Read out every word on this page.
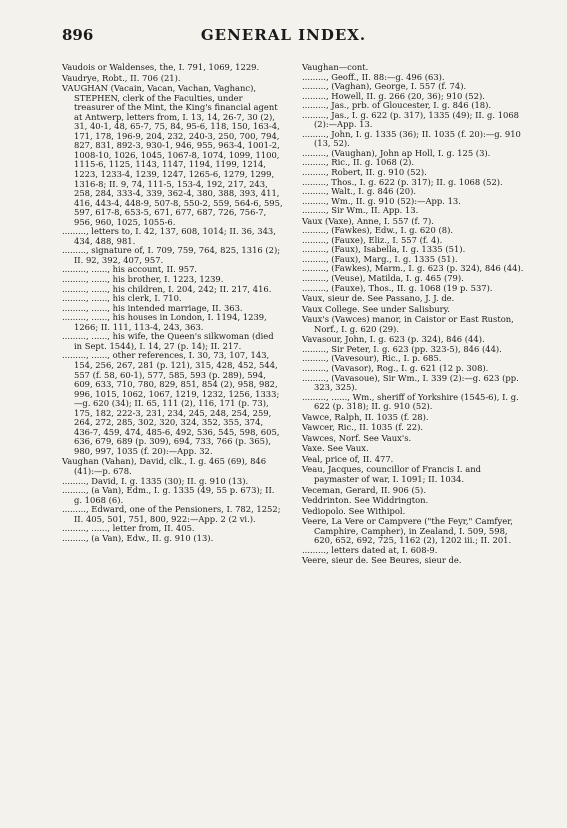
896	GENERAL INDEX.

Vaudois or Waldenses, the, I. 791, 1069, 1229.

Vaudrye, Robt., II. 706 (21).

VAUGHAN (Vacain, Vacan, Vachan, Vaghanc), STEPHEN, clerk of the Faculties, under treasurer of the Mint, the King's financial agent at Antwerp, letters from, I. 13, 14, 26-7, 30 (2), 31, 40-1, 48, 65-7, 75, 84, 95-6, 118, 150, 163-4, 171, 178, 196-9, 204, 232, 240-3, 250, 700, 794, 827, 831, 892-3, 930-1, 946, 955, 963-4, 1001-2, 1008-10, 1026, 1045, 1067-8, 1074, 1099, 1100, 1115-6, 1125, 1143, 1147, 1194, 1199, 1214, 1223, 1233-4, 1239, 1247, 1265-6, 1279, 1299, 1316-8; II. 9, 74, 111-5, 153-4, 192, 217, 243, 258, 284, 333-4, 339, 362-4, 380, 388, 393, 411, 416, 443-4, 448-9, 507-8, 550-2, 559, 564-6, 595, 597, 617-8, 653-5, 671, 677, 687, 726, 756-7, 956, 960, 1025, 1055-6.

........., letters to, I. 42, 137, 608, 1014; II. 36, 343, 434, 488, 981.

........., signature of, I. 709, 759, 764, 825, 1316 (2); II. 92, 392, 407, 957.

........., ......, his account, II. 957.

........., ......, his brother, I. 1223, 1239.

........., ......, his children, I. 204, 242; II. 217, 416.

........., ......, his clerk, I. 710.

........., ......, his intended marriage, II. 363.

........., ......, his houses in London, I. 1194, 1239, 1266; II. 111, 113-4, 243, 363.

........., ......, his wife, the Queen's silkwoman (died in Sept. 1544), I. 14, 27 (p. 14); II. 217.

........., ......, other references, I. 30, 73, 107, 143, 154, 256, 267, 281 (p. 121), 315, 428, 452, 544, 557 (f. 58, 60-1), 577, 585, 593 (p. 289), 594, 609, 633, 710, 780, 829, 851, 854 (2), 958, 982, 996, 1015, 1062, 1067, 1219, 1232, 1256, 1333;—g. 620 (34); II. 65, 111 (2), 116, 171 (p. 73), 175, 182, 222-3, 231, 234, 245, 248, 254, 259, 264, 272, 285, 302, 320, 324, 352, 355, 374, 436-7, 459, 474, 485-6, 492, 536, 545, 598, 605, 636, 679, 689 (p. 309), 694, 733, 766 (p. 365), 980, 997, 1035 (f. 20):—App. 32.

Vaughan (Vahan), David, clk., I. g. 465 (69), 846 (41):—p. 678.

........., David, I. g. 1335 (30); II. g. 910 (13).

........., (a Van), Edm., I. g. 1335 (49, 55 p. 673); II. g. 1068 (6).

........., Edward, one of the Pensioners, I. 782, 1252; II. 405, 501, 751, 800, 922:—App. 2 (2 vi.).

........., ......, letter from, II. 405.

........., (a Van), Edw., II. g. 910 (13).

Vaughan—cont.

........., Geoff., II. 88:—g. 496 (63).

........., (Vaghan), George, I. 557 (f. 74).

........., Howell, II. g. 266 (20, 36); 910 (52).

........., Jas., prb. of Gloucester, I. g. 846 (18).

........., Jas., I. g. 622 (p. 317), 1335 (49); II. g. 1068 (2):—App. 13.

........., John, I. g. 1335 (36); II. 1035 (f. 20):—g. 910 (13, 52).

........., (Vaughan), John ap Holl, I. g. 125 (3).

........., Ric., II. g. 1068 (2).

........., Robert, II. g. 910 (52).

........., Thos., I. g. 622 (p. 317); II. g. 1068 (52).

........., Walt., I. g. 846 (20).

........., Wm., II. g. 910 (52):—App. 13.

........., Sir Wm., II. App. 13.

Vaux (Vaxe), Anne, I. 557 (f. 7).

........., (Fawkes), Edw., I. g. 620 (8).

........., (Fauxe), Eliz., I. 557 (f. 4).

........., (Faux), Isabella, I. g. 1335 (51).

........., (Faux), Marg., I. g. 1335 (51).

........., (Fawkes), Marm., I. g. 623 (p. 324), 846 (44).

........., (Veuse), Matilda, I. g. 465 (79).

........., (Fauxe), Thos., II. g. 1068 (19 p. 537).

Vaux, sieur de. See Passano, J. J. de.

Vaux College. See under Salisbury.

Vaux's (Vawces) manor, in Caistor or East Ruston, Norf., I. g. 620 (29).

Vavasour, John, I. g. 623 (p. 324), 846 (44).

........., Sir Peter, I. g. 623 (pp. 323-5), 846 (44).

........., (Vavesour), Ric., I. p. 685.

........., (Vavasor), Rog., I. g. 621 (12 p. 308).

........., (Vavasoue), Sir Wm., I. 339 (2):—g. 623 (pp. 323, 325).

........., ......, Wm., sheriff of Yorkshire (1545-6), I. g. 622 (p. 318); II. g. 910 (52).

Vawce, Ralph, II. 1035 (f. 28).

Vawcer, Ric., II. 1035 (f. 22).

Vawces, Norf. See Vaux's.

Vaxe. See Vaux.

Veal, price of, II. 477.

Veau, Jacques, councillor of Francis I. and paymaster of war, I. 1091; II. 1034.

Veceman, Gerard, II. 906 (5).

Veddrinton. See Widdrington.

Vediopolo. See Withipol.

Veere, La Vere or Campvere ("the Feyr," Camfyer, Camphire, Campher), in Zealand, I. 509, 598, 620, 652, 692, 725, 1162 (2), 1202 iii.; II. 201.

........., letters dated at, I. 608-9.

Veere, sieur de. See Beures, sieur de.
